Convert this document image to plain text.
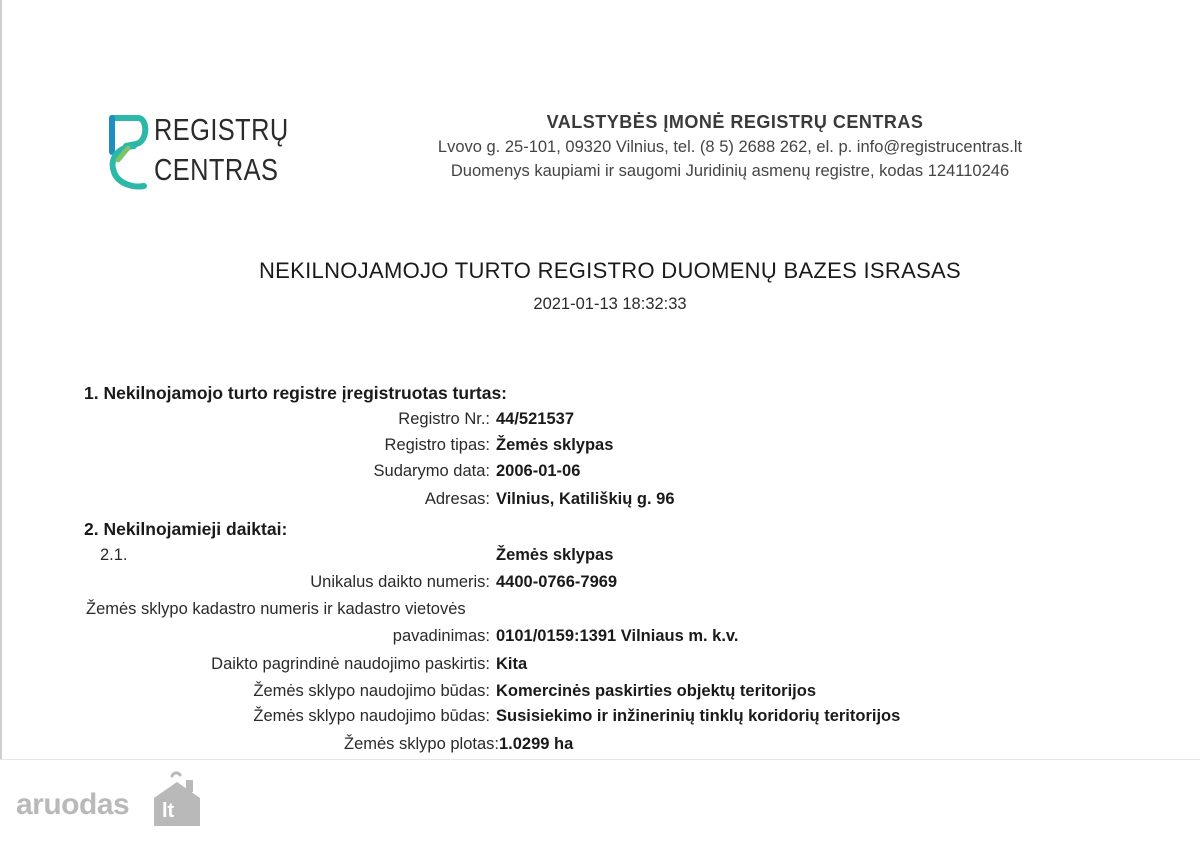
REGISTRŲ
CENTRAS
VALSTYBĖS ĮMONĖ REGISTRŲ CENTRAS
Lvovo g. 25-101, 09320 Vilnius, tel. (8 5) 2688 262, el. p. info@registrucentras.lt
Duomenys kaupiami ir saugomi Juridinių asmenų registre, kodas 124110246
NEKILNOJAMOJO TURTO REGISTRO DUOMENŲ BAZES ISRASAS
2021-01-13 18:32:33
1. Nekilnojamojo turto registre įregistruotas turtas:
Registro Nr.: 44/521537
Registro tipas: Žemės sklypas
Sudarymo data: 2006-01-06
Adresas: Vilnius, Katiliškių g. 96
2. Nekilnojamieji daiktai:
2.1.	Žemės sklypas
Unikalus daikto numeris: 4400-0766-7969
Žemės sklypo kadastro numeris ir kadastro vietovės
pavadinimas: 0101/0159:1391 Vilniaus m. k.v.
Daikto pagrindinė naudojimo paskirtis: Kita
Žemės sklypo naudojimo būdas: Komercinės paskirties objektų teritorijos
Žemės sklypo naudojimo būdas: Susisiekimo ir inžinerinių tinklų koridorių teritorijos
Žemės sklypo plotas:1.0299 ha
aruodas lt
